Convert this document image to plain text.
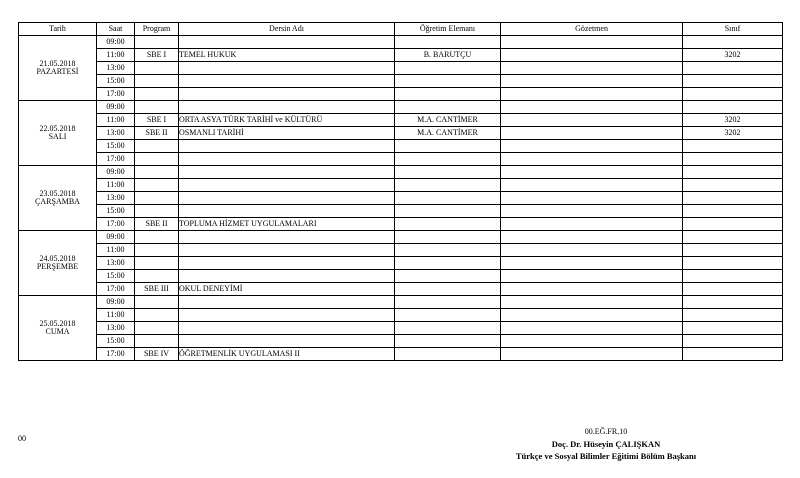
Tarih	Saat	Program	Dersin Adı	Öğretim Elemanı	Gözetmen	Sınıf

21.05.2018
PAZARTESİ	09:00					
	11:00	SBE I	TEMEL HUKUK	B. BARUTÇU		3202
	13:00					
	15:00					
	17:00					

22.05.2018
SALI	09:00					
	11:00	SBE I	ORTA ASYA TÜRK TARİHİ ve KÜLTÜRÜ	M.A. CANTİMER		3202
	13:00	SBE II	OSMANLI TARİHİ	M.A. CANTİMER		3202
	15:00					
	17:00					

23.05.2018
ÇARŞAMBA	09:00					
	11:00					
	13:00					
	15:00					
	17:00	SBE II	TOPLUMA HİZMET UYGULAMALARI			

24.05.2018
PERŞEMBE	09:00					
	11:00					
	13:00					
	15:00					
	17:00	SBE III	OKUL DENEYİMİ			

25.05.2018
CUMA	09:00					
	11:00					
	13:00					
	15:00					
	17:00	SBE IV	ÖĞRETMENLİK UYGULAMASI II			
00
00.EĞ.FR.10
Doç. Dr. Hüseyin ÇALIŞKAN
Türkçe ve Sosyal Bilimler Eğitimi Bölüm Başkanı
